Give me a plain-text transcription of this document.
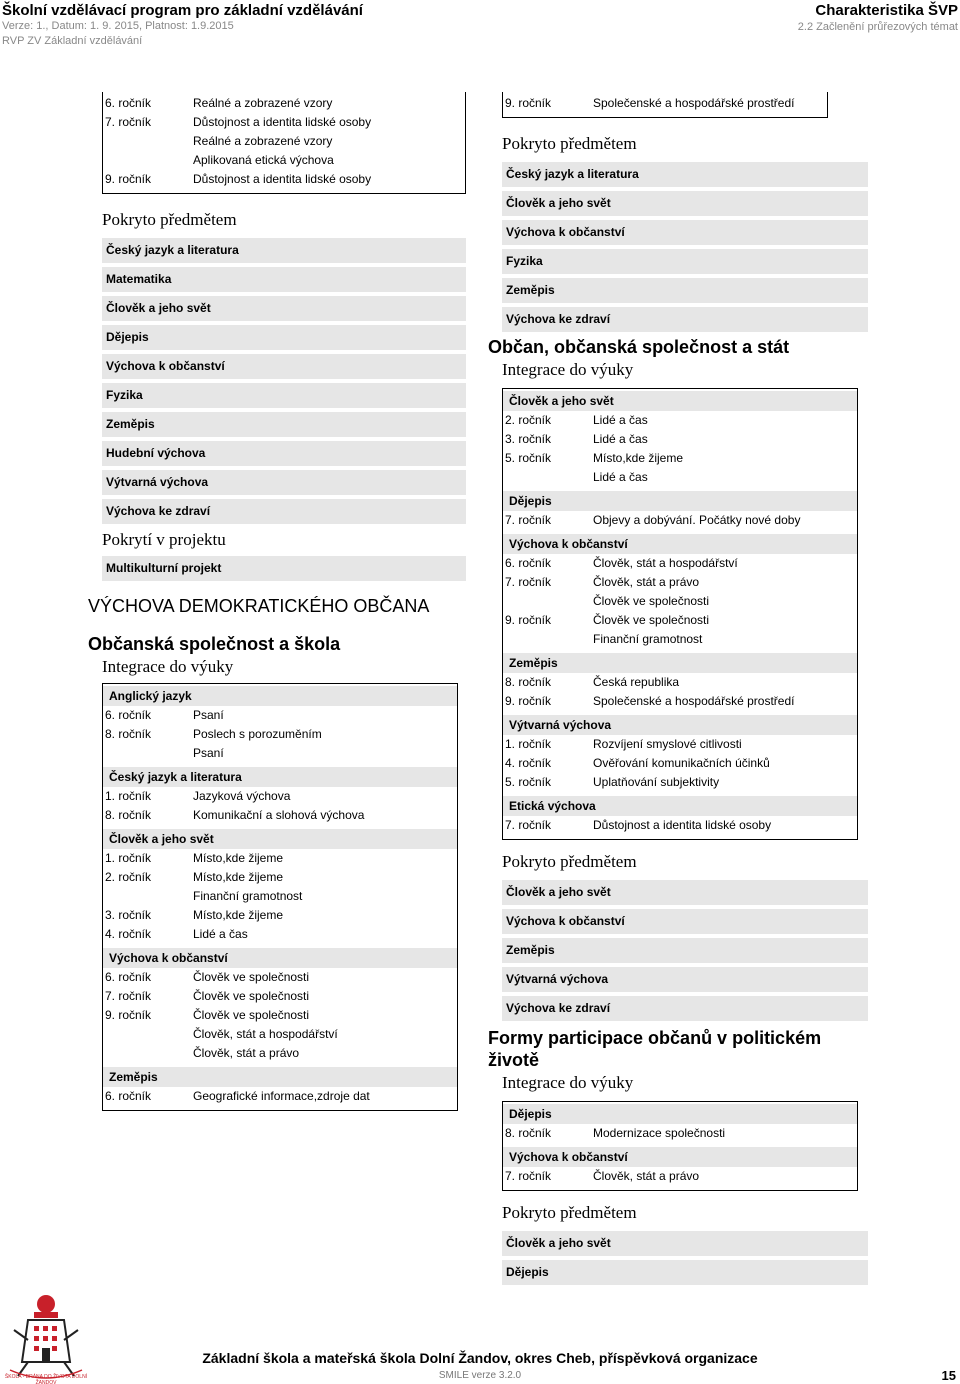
Školní vzdělávací program pro základní vzdělávání
Verze: 1., Datum: 1. 9. 2015, Platnost: 1.9.2015
RVP ZV Základní vzdělávání
Charakteristika ŠVP
2.2 Začlenění průřezových témat
6. ročník	Reálné a zobrazené vzory
7. ročník	Důstojnost a identita lidské osoby
Reálné a zobrazené vzory
Aplikovaná etická výchova
9. ročník	Důstojnost a identita lidské osoby
Pokryto předmětem
Český jazyk a literatura
Matematika
Člověk a jeho svět
Dějepis
Výchova k občanství
Fyzika
Zeměpis
Hudební výchova
Výtvarná výchova
Výchova ke zdraví
Pokrytí v projektu
Multikulturní projekt
VÝCHOVA DEMOKRATICKÉHO OBČANA
Občanská společnost a škola
Integrace do výuky
Anglický jazyk
6. ročník	Psaní
8. ročník	Poslech s porozuměním
Psaní
Český jazyk a literatura
1. ročník	Jazyková výchova
8. ročník	Komunikační a slohová výchova
Člověk a jeho svět
1. ročník	Místo,kde žijeme
2. ročník	Místo,kde žijeme
Finanční gramotnost
3. ročník	Místo,kde žijeme
4. ročník	Lidé a čas
Výchova k občanství
6. ročník	Člověk ve společnosti
7. ročník	Člověk ve společnosti
9. ročník	Člověk ve společnosti
Člověk, stát a hospodářství
Člověk, stát a právo
Zeměpis
6. ročník	Geografické informace,zdroje dat
9. ročník	Společenské a hospodářské prostředí
Pokryto předmětem
Český jazyk a literatura
Člověk a jeho svět
Výchova k občanství
Fyzika
Zeměpis
Výchova ke zdraví
Občan, občanská společnost a stát
Integrace do výuky
Člověk a jeho svět
2. ročník	Lidé a čas
3. ročník	Lidé a čas
5. ročník	Místo,kde žijeme
Lidé a čas
Dějepis
7. ročník	Objevy a dobývání. Počátky nové doby
Výchova k občanství
6. ročník	Člověk, stát a hospodářství
7. ročník	Člověk, stát a právo
Člověk ve společnosti
9. ročník	Člověk ve společnosti
Finanční gramotnost
Zeměpis
8. ročník	Česká republika
9. ročník	Společenské a hospodářské prostředí
Výtvarná výchova
1. ročník	Rozvíjení smyslové citlivosti
4. ročník	Ověřování komunikačních účinků
5. ročník	Uplatňování subjektivity
Etická výchova
7. ročník	Důstojnost a identita lidské osoby
Pokryto předmětem
Člověk a jeho svět
Výchova k občanství
Zeměpis
Výtvarná výchova
Výchova ke zdraví
Formy participace občanů v politickém životě
Integrace do výuky
Dějepis
8. ročník	Modernizace společnosti
Výchova k občanství
7. ročník	Člověk, stát a právo
Pokryto předmětem
Člověk a jeho svět
Dějepis
ŠKOLA - BRÁNA DO ŽIVOTA DOLNÍ ŽANDOV
Základní škola a mateřská škola Dolní Žandov, okres Cheb, příspěvková organizace
SMILE verze 3.2.0	15
